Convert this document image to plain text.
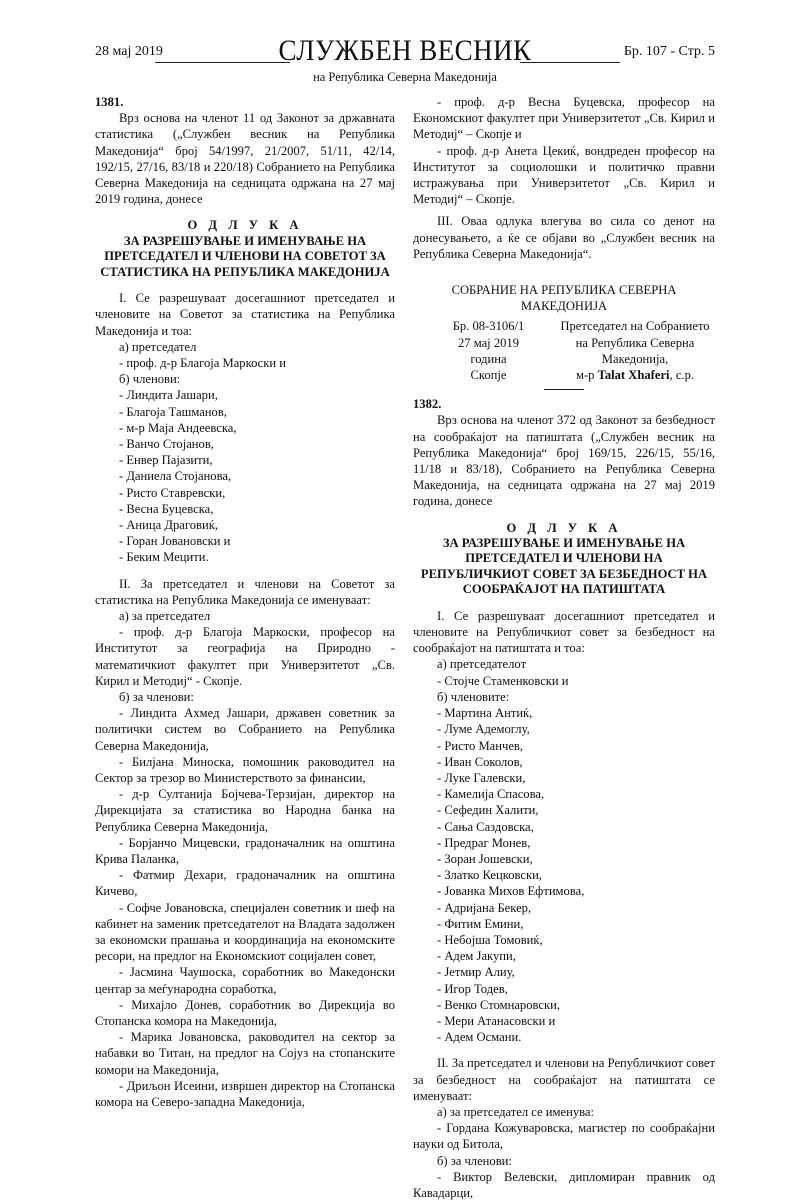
28 мај 2019	СЛУЖБЕН ВЕСНИК	Бр. 107 - Стр. 5
на Република Северна Македонија

1381.

Врз основа на членот 11 од Законот за државната статистика („Службен весник на Република Македонија“ број 54/1997, 21/2007, 51/11, 42/14, 192/15, 27/16, 83/18 и 220/18) Собранието на Република Северна Македонија на седницата одржана на 27 мај 2019 година, донесе

О Д Л У К А

ЗА РАЗРЕШУВАЊЕ И ИМЕНУВАЊЕ НА ПРЕТСЕДАТЕЛ И ЧЛЕНОВИ НА СОВЕТОТ ЗА СТАТИСТИКА НА РЕПУБЛИКА МАКЕДОНИЈА

I. Се разрешуваат досегашниот претседател и членовите на Советот за статистика на Република Македонија и тоа:

а) претседател

- проф. д-р Благоја Маркоски и

б) членови:

- Линдита Јашари,

- Благоја Ташманов,

- м-р Маја Андеевска,

- Ванчо Стојанов,

- Енвер Пајазити,

- Даниела Стојанова,

- Ристо Ставревски,

- Весна Буцевска,

- Аница Драговиќ,

- Горан Јовановски и

- Беким Мецити.

II. За претседател и членови на Советот за статистика на Република Македонија се именуваат:

а) за претседател

- проф. д-р Благоја Маркоски, професор на Институтот за географија на Природно - математичкиот факултет при Универзитетот „Св. Кирил и Методиј“ - Скопје.

б) за членови:

- Линдита Ахмед Јашари, државен советник за политички систем во Собранието на Република Северна Македонија,

- Билјана Миноска, помошник раководител на Сектор за трезор во Министерството за финансии,

- д-р Султанија Бојчева-Терзијан, директор на Дирекцијата за статистика во Народна банка на Република Северна Македонија,

- Борјанчо Мицевски, градоначалник на општина Крива Паланка,

- Фатмир Дехари, градоначалник на општина Кичево,

- Софче Јовановска, специјален советник и шеф на кабинет на заменик претседателот на Владата задолжен за економски прашања и координација на економските ресори, на предлог на Економскиот социјален совет,

- Јасмина Чаушоска, соработник во Македонски центар за меѓународна соработка,

- Михајло Донев, соработник во Дирекција во Стопанска комора на Македонија,

- Марика Јовановска, раководител на сектор за набавки во Титан, на предлог на Сојуз на стопанските комори на Македонија,

- Дриљон Исеини, извршен директор на Стопанска комора на Северо-западна Македонија,

- проф. д-р Весна Буцевска, професор на Економскиот факултет при Универзитетот „Св. Кирил и Методиј“ – Скопје и

- проф. д-р Анета Цекиќ, вондреден професор на Институтот за социолошки и политичко правни истражувања при Универзитетот „Св. Кирил и Методиј“ – Скопје.

III. Оваа одлука влегува во сила со денот на донесувањето, а ќе се објави во „Службен весник на Република Северна Македонија“.

СОБРАНИЕ НА РЕПУБЛИКА СЕВЕРНА МАКЕДОНИЈА

Бр. 08-3106/1
27 мај 2019 година
Скопје
Претседател на Собранието на Република Северна Македонија,
м-р Talat Xhaferi, с.р.

1382.

Врз основа на членот 372 од Законот за безбедност на сообраќајот на патиштата („Службен весник на Република Македонија“ број 169/15, 226/15, 55/16, 11/18 и 83/18), Собранието на Република Северна Македонија, на седницата одржана на 27 мај 2019 година, донесе

О Д Л У К А

ЗА РАЗРЕШУВАЊЕ И ИМЕНУВАЊЕ НА ПРЕТСЕДАТЕЛ И ЧЛЕНОВИ НА РЕПУБЛИЧКИОТ СОВЕТ ЗА БЕЗБЕДНОСТ НА СООБРАЌАЈОТ НА ПАТИШТАТА

I. Се разрешуваат досегашниот претседател и членовите на Републичкиот совет за безбедност на сообраќајот на патиштата и тоа:

а) претседателот

- Стојче Стаменковски и

б) членовите:

- Мартина Антиќ,

- Луме Адемоглу,

- Ристо Манчев,

- Иван Соколов,

- Луке Галевски,

- Камелија Спасова,

- Сефедин Халити,

- Сања Саздовска,

- Предраг Монев,

- Зоран Јошевски,

- Златко Кецковски,

- Јованка Михов Ефтимова,

- Адријана Бекер,

- Фитим Емини,

- Небојша Томовиќ,

- Адем Јакупи,

- Јетмир Алиу,

- Игор Тодев,

- Венко Стомнаровски,

- Мери Атанасовски и

- Адем Османи.

II. За претседател и членови на Републичкиот совет за безбедност на сообраќајот на патиштата се именуваат:

а) за претседател се именува:

- Гордана Кожуваровска, магистер по сообраќајни науки од Битола,

б) за членови:

- Виктор Велевски, дипломиран правник од Кавадарци,
